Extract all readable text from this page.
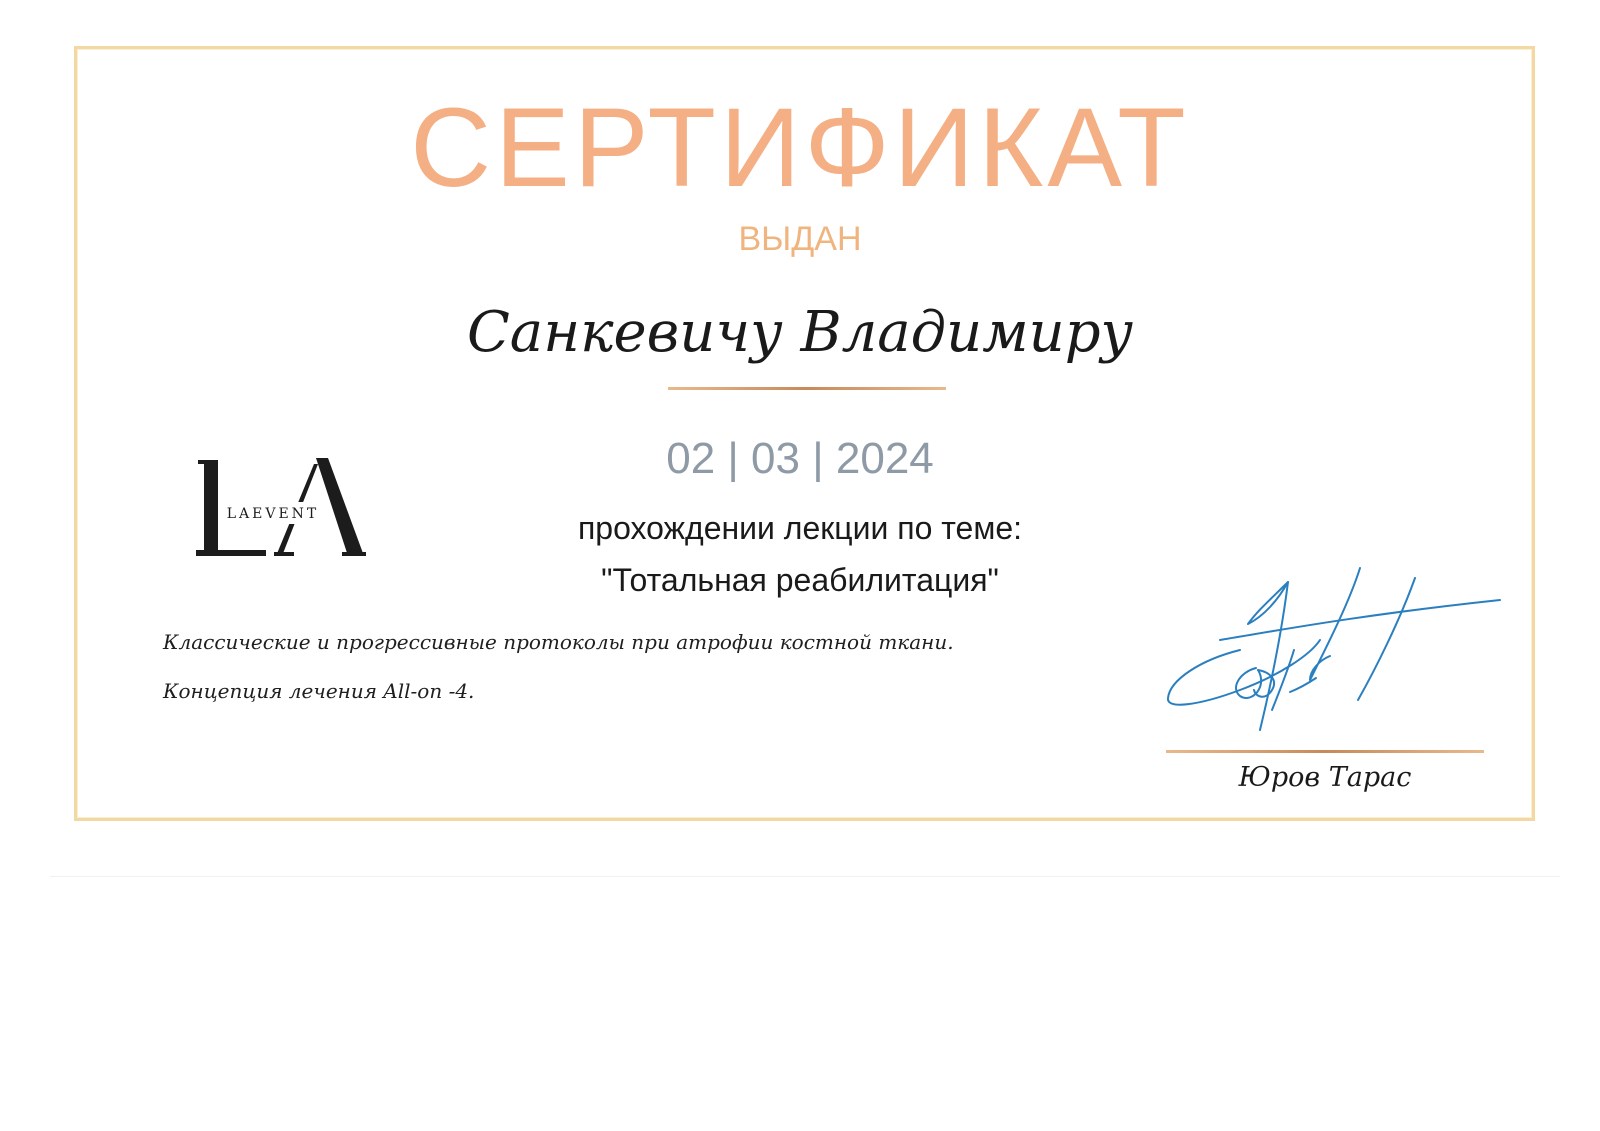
СЕРТИФИКАТ
ВЫДАН
Санкевичу Владимиру
02 | 03 | 2024
прохождении лекции по теме:
"Тотальная реабилитация"
LAEVENT
Классические и прогрессивные протоколы при атрофии костной ткани.
Концепция лечения All-on -4.
Юров Тарас
